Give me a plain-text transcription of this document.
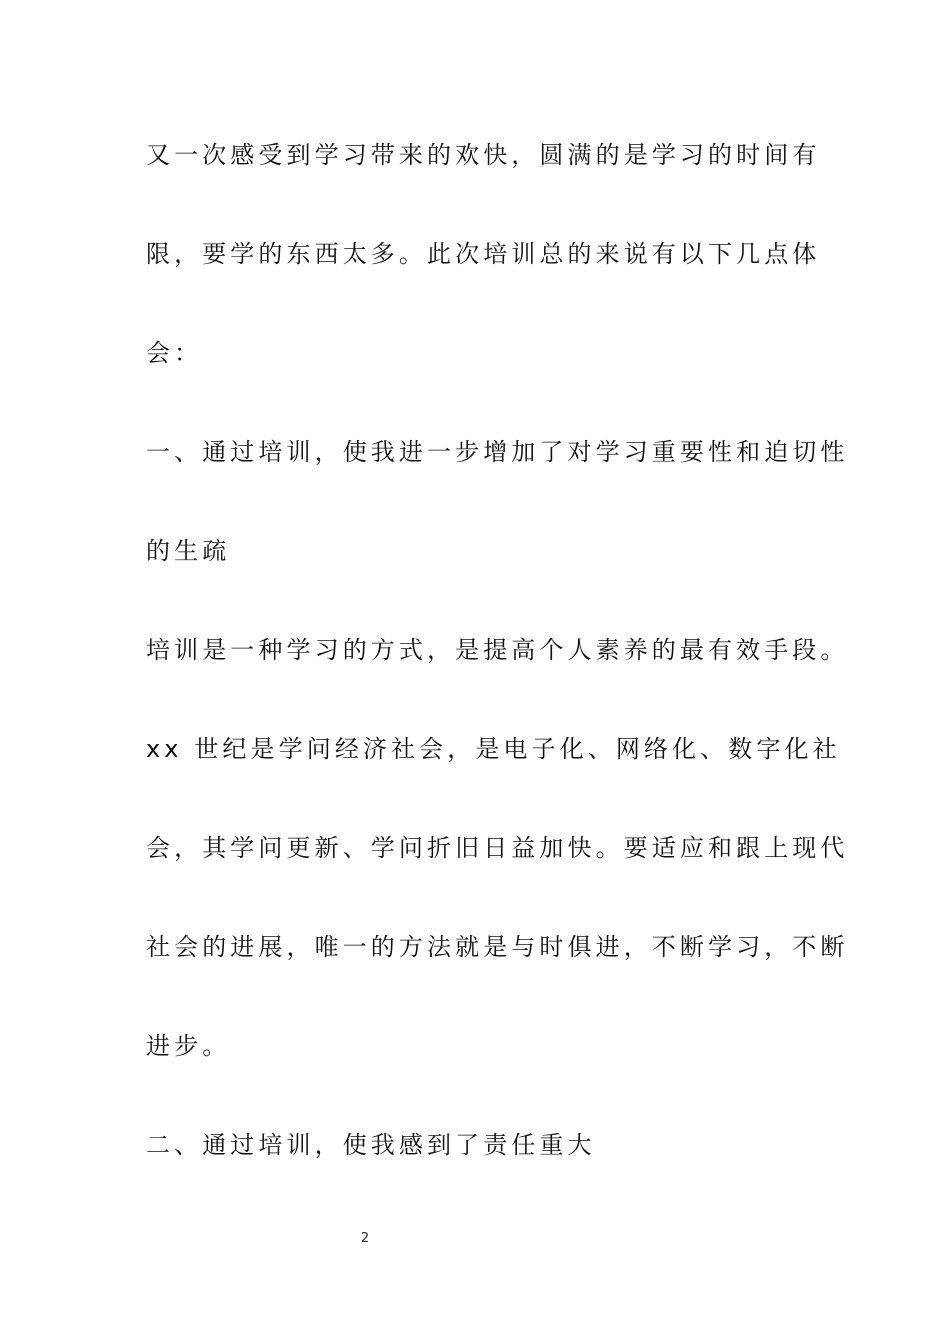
又一次感受到学习带来的欢快，圆满的是学习的时间有
限，要学的东西太多。此次培训总的来说有以下几点体
会：
一、通过培训，使我进一步增加了对学习重要性和迫切性
的生疏
培训是一种学习的方式，是提高个人素养的最有效手段。
xx 世纪是学问经济社会，是电子化、网络化、数字化社
会，其学问更新、学问折旧日益加快。要适应和跟上现代
社会的进展，唯一的方法就是与时俱进，不断学习，不断
进步。
二、通过培训，使我感到了责任重大
2
